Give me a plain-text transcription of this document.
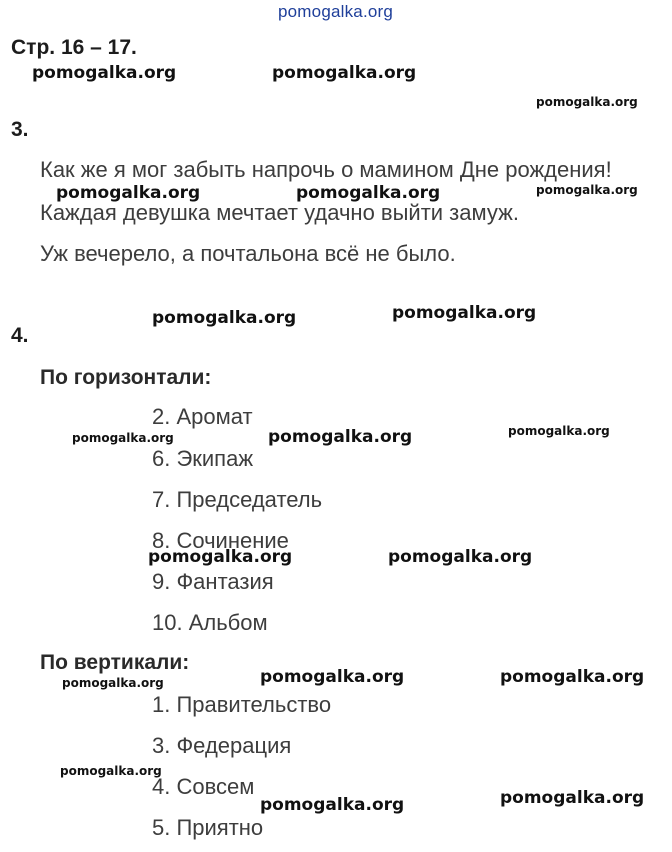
pomogalka.org
Стр. 16 – 17.
3.
Как же я мог забыть напрочь о мамином Дне рождения!
Каждая девушка мечтает удачно выйти замуж.
Уж вечерело, а почтальона всё не было.
4.
По горизонтали:
2. Аромат
6. Экипаж
7. Председатель
8. Сочинение
9. Фантазия
10. Альбом
По вертикали:
1. Правительство
3. Федерация
4. Совсем
5. Приятно
pomogalka.org	pomogalka.org
pomogalka.org
pomogalka.org	pomogalka.org	pomogalka.org
pomogalka.org	pomogalka.org
pomogalka.org	pomogalka.org	pomogalka.org
pomogalka.org	pomogalka.org
pomogalka.org	pomogalka.org	pomogalka.org
pomogalka.org
pomogalka.org	pomogalka.org
